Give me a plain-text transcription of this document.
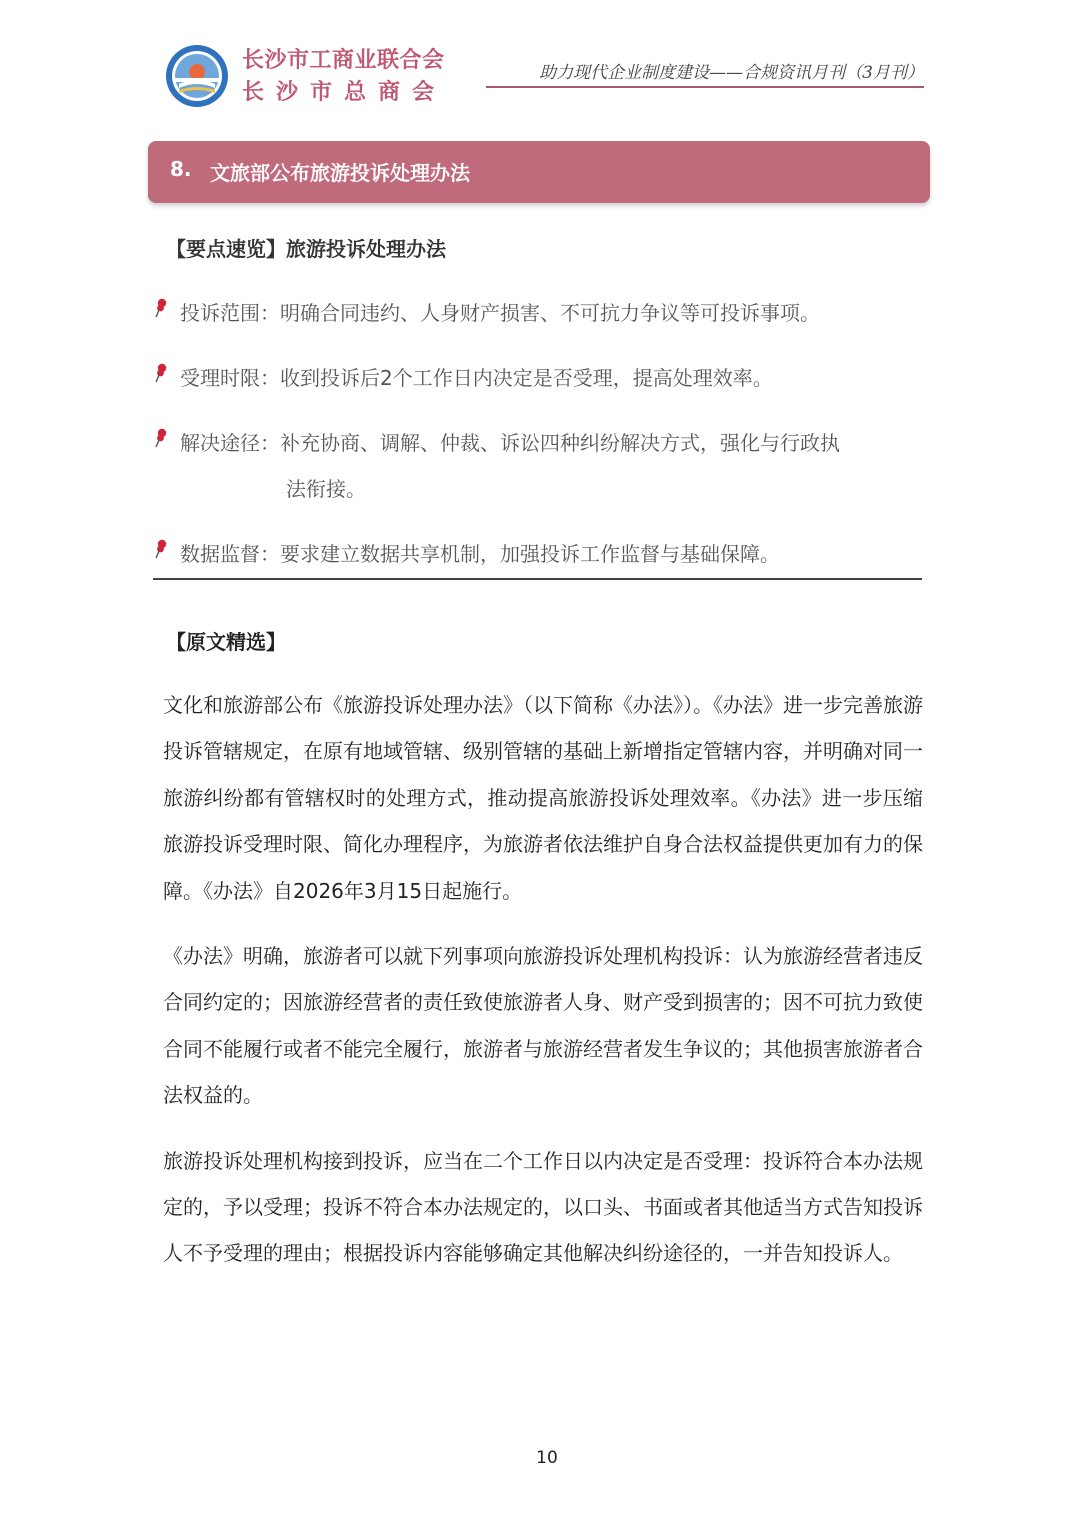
长沙市工商业联合会
长沙市总商会
助力现代企业制度建设——合规资讯月刊（3月刊）
8. 文旅部公布旅游投诉处理办法
【要点速览】旅游投诉处理办法
投诉范围：明确合同违约、人身财产损害、不可抗力争议等可投诉事项。
受理时限：收到投诉后2个工作日内决定是否受理，提高处理效率。
解决途径：补充协商、调解、仲裁、诉讼四种纠纷解决方式，强化与行政执
法衔接。
数据监督：要求建立数据共享机制，加强投诉工作监督与基础保障。
【原文精选】

文化和旅游部公布《旅游投诉处理办法》（以下简称《办法》）。《办法》进一步完善旅游投诉管辖规定，在原有地域管辖、级别管辖的基础上新增指定管辖内容，并明确对同一旅游纠纷都有管辖权时的处理方式，推动提高旅游投诉处理效率。《办法》进一步压缩旅游投诉受理时限、简化办理程序，为旅游者依法维护自身合法权益提供更加有力的保障。《办法》自2026年3月15日起施行。

《办法》明确，旅游者可以就下列事项向旅游投诉处理机构投诉：认为旅游经营者违反合同约定的；因旅游经营者的责任致使旅游者人身、财产受到损害的；因不可抗力致使合同不能履行或者不能完全履行，旅游者与旅游经营者发生争议的；其他损害旅游者合法权益的。

旅游投诉处理机构接到投诉，应当在二个工作日以内决定是否受理：投诉符合本办法规定的，予以受理；投诉不符合本办法规定的，以口头、书面或者其他适当方式告知投诉人不予受理的理由；根据投诉内容能够确定其他解决纠纷途径的，一并告知投诉人。

10
